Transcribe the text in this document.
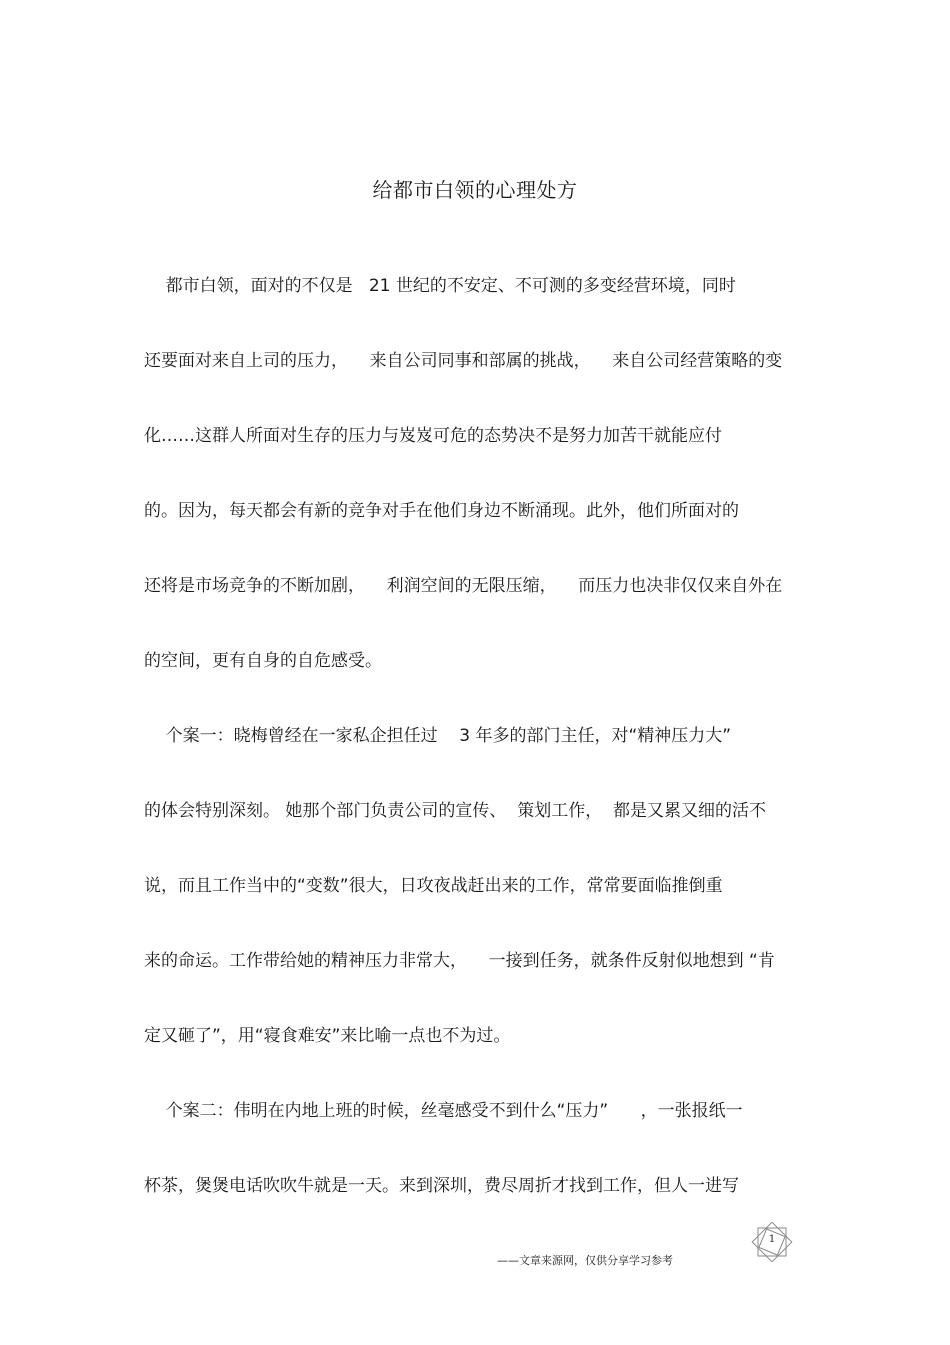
给都市白领的心理处方

都市白领，面对的不仅是   21 世纪的不安定、不可测的多变经营环境，同时

还要面对来自上司的压力，    来自公司同事和部属的挑战，    来自公司经营策略的变

化……这群人所面对生存的压力与岌岌可危的态势决不是努力加苦干就能应付

的。因为，每天都会有新的竞争对手在他们身边不断涌现。此外，他们所面对的

还将是市场竞争的不断加剧，    利润空间的无限压缩，    而压力也决非仅仅来自外在

的空间，更有自身的自危感受。

个案一：晓梅曾经在一家私企担任过    3 年多的部门主任，对“精神压力大”

的体会特别深刻。 她那个部门负责公司的宣传、  策划工作，  都是又累又细的活不

说，而且工作当中的“变数”很大，日攻夜战赶出来的工作，常常要面临推倒重

来的命运。工作带给她的精神压力非常大，    一接到任务，就条件反射似地想到 “肯

定又砸了”，用“寝食难安”来比喻一点也不为过。

个案二：伟明在内地上班的时候，丝毫感受不到什么“压力”      ，一张报纸一

杯茶，煲煲电话吹吹牛就是一天。来到深圳，费尽周折才找到工作，但人一进写

1
——文章来源网，仅供分享学习参考
